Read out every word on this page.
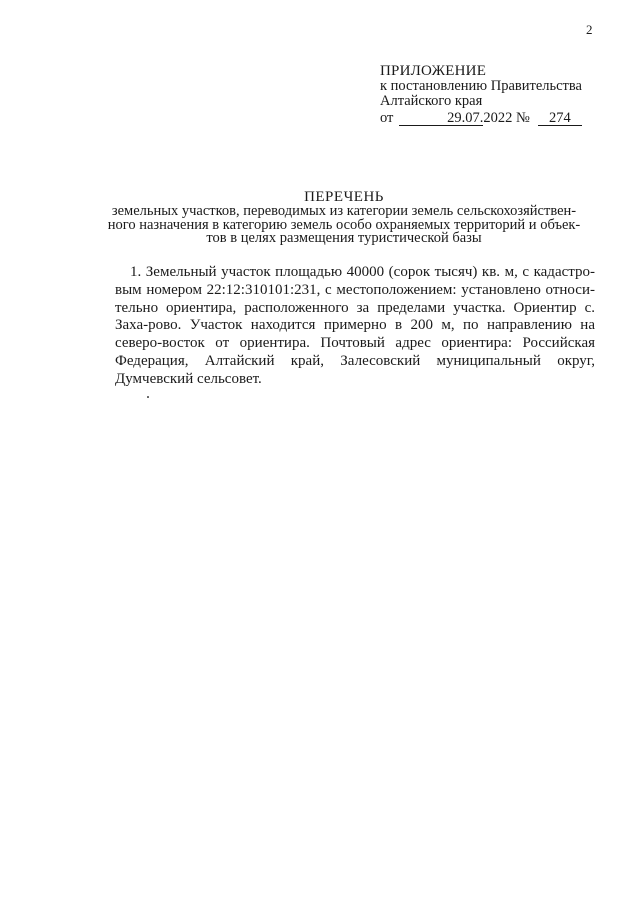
2
ПРИЛОЖЕНИЕ
к постановлению Правительства
Алтайского края
от	29.07.2022 № 274
ПЕРЕЧЕНЬ
земельных участков, переводимых из категории земель сельскохозяйствен-
ного назначения в категорию земель особо охраняемых территорий и объек-
тов в целях размещения туристической базы

1. Земельный участок площадью 40000 (сорок тысяч) кв. м, с кадастро-вым номером 22:12:310101:231, с местоположением: установлено относи-тельно ориентира, расположенного за пределами участка. Ориентир с. Заха-рово. Участок находится примерно в 200 м, по направлению на северо-восток от ориентира. Почтовый адрес ориентира: Российская Федерация, Алтайский край, Залесовский муниципальный округ, Думчевский сельсовет.
